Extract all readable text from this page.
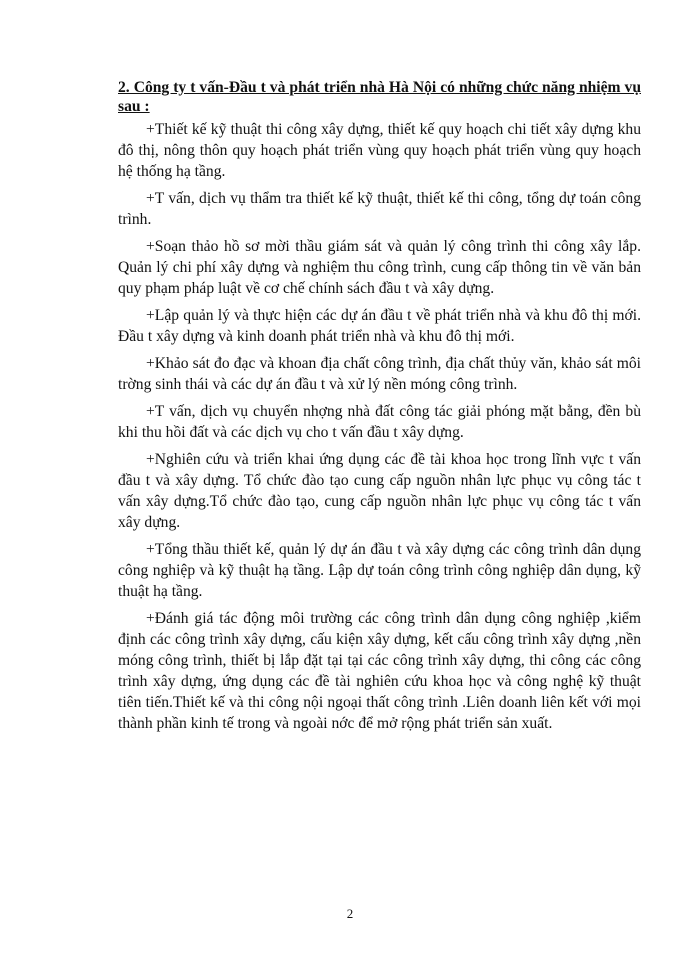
2. Công ty t vấn-Đầu t và phát triển nhà Hà Nội có những chức năng nhiệm vụ sau :

+Thiết kế kỹ thuật thi công xây dựng, thiết kế quy hoạch chi tiết xây dựng khu đô thị, nông thôn quy hoạch phát triển vùng quy hoạch phát triển vùng quy hoạch hệ thống hạ tầng.

+T vấn, dịch vụ thẩm tra thiết kế kỹ thuật, thiết kế thi công, tổng dự toán công trình.

+Soạn thảo hồ sơ mời thầu giám sát và quản lý công trình thi công xây lắp. Quản lý chi phí xây dựng và nghiệm thu công trình, cung cấp thông tin về văn bản quy phạm pháp luật về cơ chế chính sách đầu t và xây dựng.

+Lập quản lý và thực hiện các dự án đầu t về phát triển nhà và khu đô thị mới. Đầu t xây dựng và kinh doanh phát triển nhà và khu đô thị mới.

+Khảo sát đo đạc và khoan địa chất công trình, địa chất thủy văn, khảo sát môi trờng sinh thái và các dự án đầu t và xử lý nền móng công trình.

+T vấn, dịch vụ chuyển nhợng nhà đất công tác giải phóng mặt bằng, đền bù khi thu hồi đất và các dịch vụ cho t vấn đầu t xây dựng.

+Nghiên cứu và triển khai ứng dụng các đề tài khoa học trong lĩnh vực t vấn đầu t và xây dựng. Tổ chức đào tạo cung cấp nguồn nhân lực phục vụ công tác t vấn xây dựng.Tổ chức đào tạo, cung cấp nguồn nhân lực phục vụ công tác t vấn xây dựng.

+Tổng thầu thiết kế, quản lý dự án đầu t và xây dựng các công trình dân dụng công nghiệp và kỹ thuật hạ tầng. Lập dự toán công trình công nghiệp dân dụng, kỹ thuật hạ tầng.

+Đánh giá tác động môi trường các công trình dân dụng công nghiệp ,kiểm định các công trình xây dựng, cấu kiện xây dựng, kết cấu công trình xây dựng ,nền móng công trình, thiết bị lắp đặt tại tại các công trình xây dựng, thi công các công trình xây dựng, ứng dụng các đề tài nghiên cứu khoa học và công nghệ kỹ thuật tiên tiến.Thiết kế và thi công nội ngoại thất công trình .Liên doanh liên kết với mọi thành phần kinh tế trong và ngoài nớc để mở rộng phát triển sản xuất.

2
